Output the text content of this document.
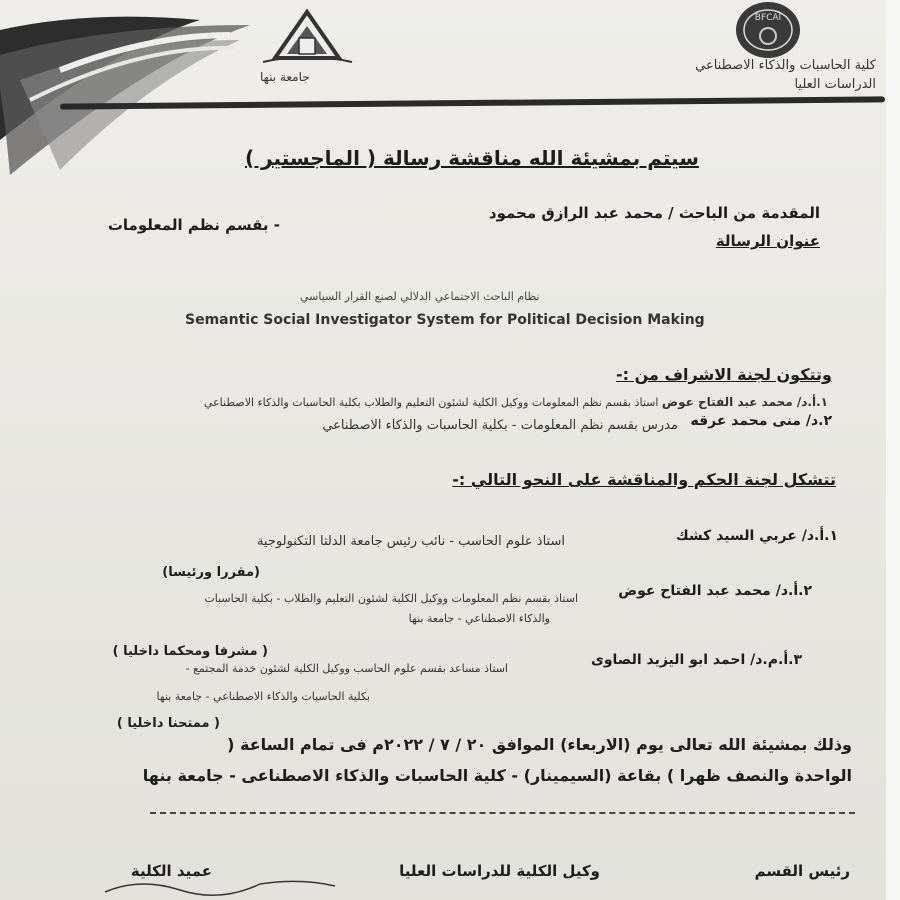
جامعة بنها
BFCAI
كلية الحاسبات والذكاء الاصطناعي
الدراسات العليا
سيتم بمشيئة الله مناقشة رسالة ( الماجستير )
المقدمة من الباحث / محمد عبد الرازق محمود
- بقسم نظم المعلومات
عنوان الرسالة
نظام الباحث الاجتماعي الدلالي لصنع القرار السياسي
Semantic Social Investigator System for Political Decision Making
وتتكون لجنة الاشراف من :-
١.أ.د/ محمد عبد الفتاح عوض استاذ بقسم نظم المعلومات ووكيل الكلية لشئون التعليم والطلاب بكلية الحاسبات والذكاء الاصطناعي
٢.د/ منى محمد عرقه
مدرس بقسم نظم المعلومات - بكلية الحاسبات والذكاء الاصطناعي
تتشكل لجنة الحكم والمناقشة على النحو التالي :-
١.أ.د/ عربي السيد كشك
استاذ علوم الحاسب - نائب رئيس جامعة الدلتا التكنولوجية
(مقررا ورئيسا)
٢.أ.د/ محمد عبد الفتاح عوض
استاذ بقسم نظم المعلومات ووكيل الكلية لشئون التعليم والطلاب - بكلية الحاسبات
والذكاء الاصطناعي - جامعة بنها
( مشرفا ومحكما داخليا )
٣.أ.م.د/ احمد ابو اليزيد الصاوى
استاذ مساعد بقسم علوم الحاسب ووكيل الكلية لشئون خدمة المجتمع -
بكلية الحاسبات والذكاء الاصطناعي - جامعة بنها
( ممتحنا داخليا )
وذلك بمشيئة الله تعالى يوم (الاربعاء) الموافق ٢٠ / ٧ / ٢٠٢٢م فى تمام الساعة (
الواحدة والنصف ظهرا ) بقاعة (السيمينار) - كلية الحاسبات والذكاء الاصطناعى - جامعة بنها
رئيس القسم
وكيل الكلية للدراسات العليا
عميد الكلية
